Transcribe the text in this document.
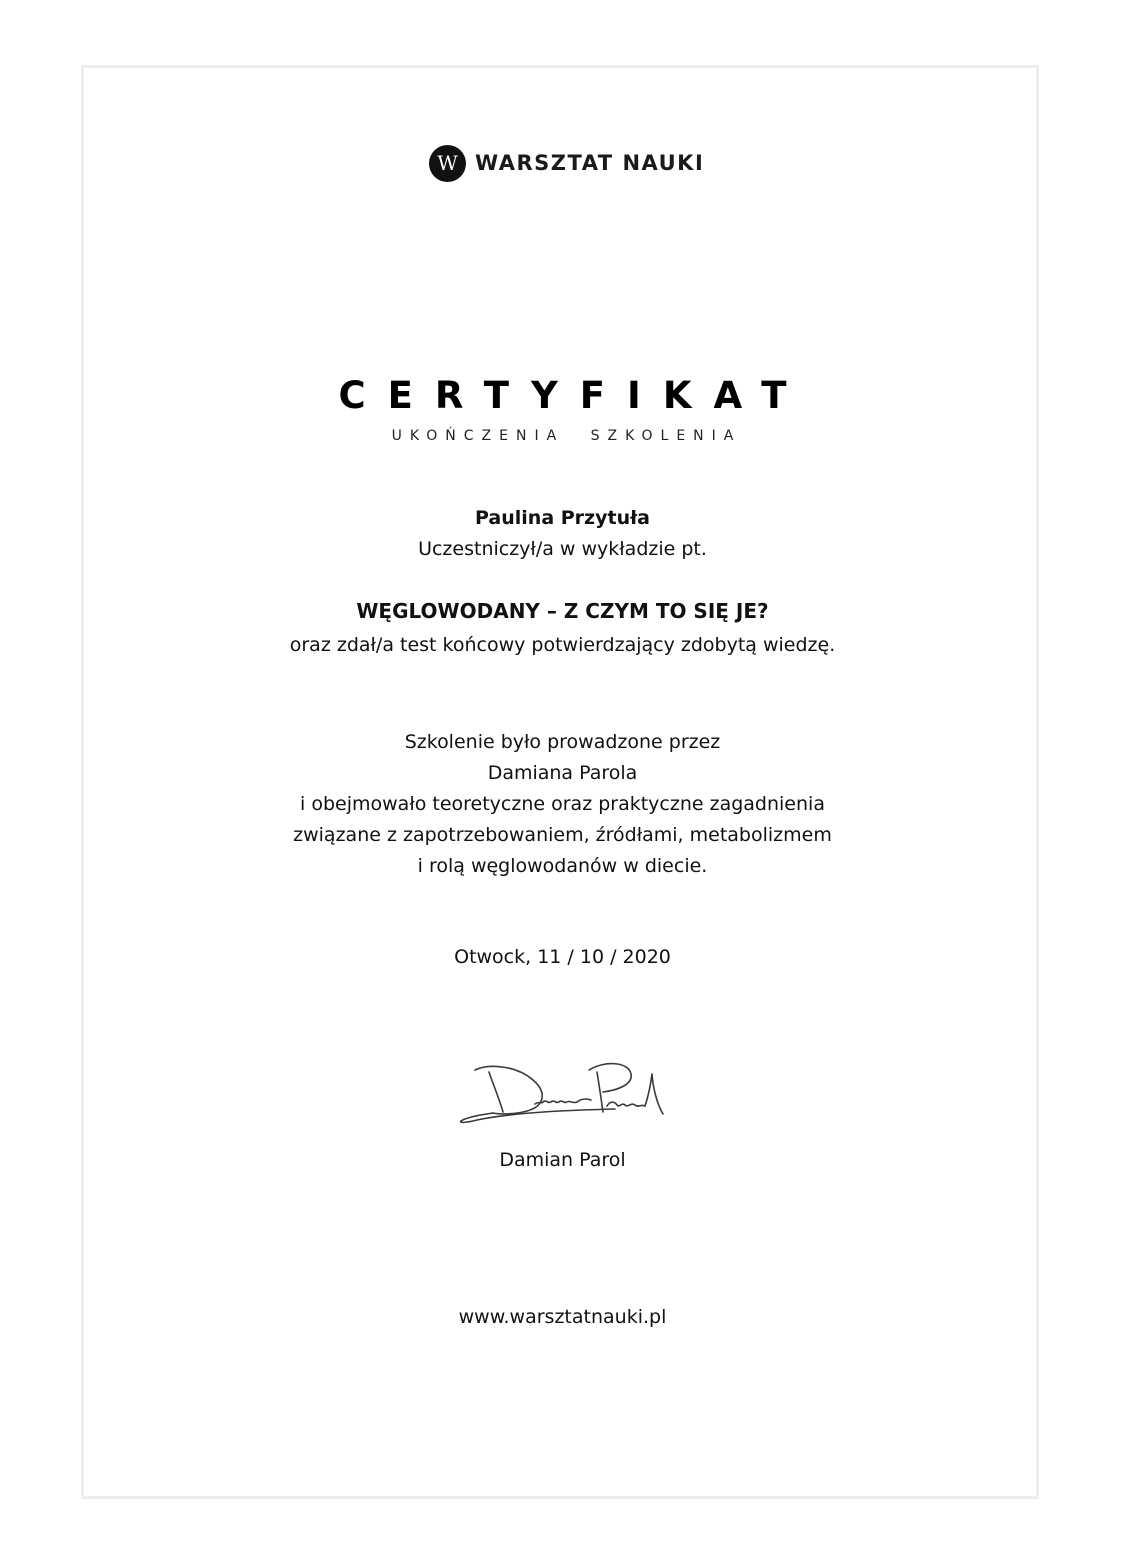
W WARSZTAT NAUKI
CERTYFIKAT
UKOŃCZENIA SZKOLENIA
Paulina Przytuła
Uczestniczył/a w wykładzie pt.
WĘGLOWODANY – Z CZYM TO SIĘ JE?
oraz zdał/a test końcowy potwierdzający zdobytą wiedzę.
Szkolenie było prowadzone przez
Damiana Parola
i obejmowało teoretyczne oraz praktyczne zagadnienia
związane z zapotrzebowaniem, źródłami, metabolizmem
i rolą węglowodanów w diecie.
Otwock, 11 / 10 / 2020
Damian Parol
Damian Parol
www.warsztatnauki.pl
